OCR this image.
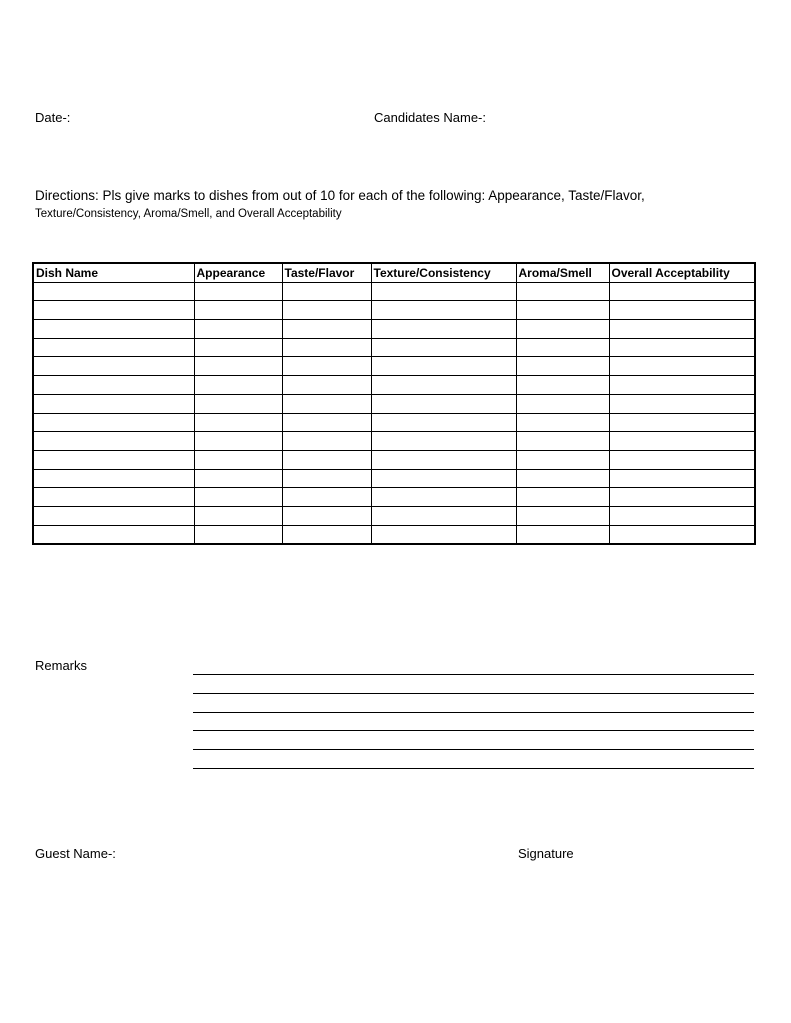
Date-:	Candidates Name-:
Directions: Pls give marks to dishes from out of 10 for each of the following: Appearance, Taste/Flavor,
Texture/Consistency, Aroma/Smell, and Overall Acceptability
Dish Name	Appearance	Taste/Flavor	Texture/Consistency	Aroma/Smell	Overall Acceptability

Remarks
Guest Name-:	Signature
